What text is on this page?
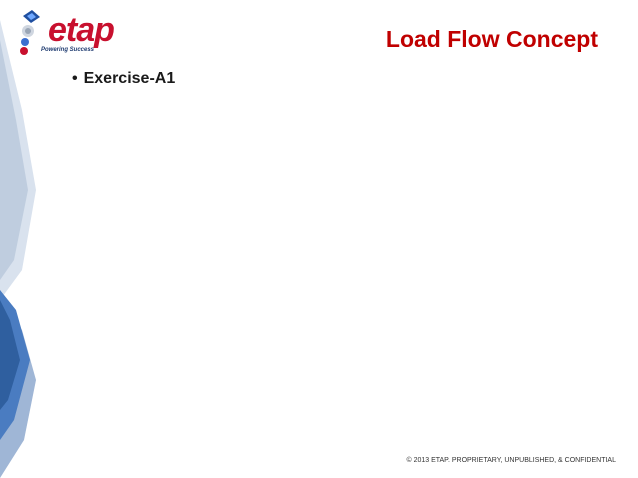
etap
Powering Success	Load Flow Concept
• Exercise-A1
© 2013 ETAP. PROPRIETARY, UNPUBLISHED, & CONFIDENTIAL
